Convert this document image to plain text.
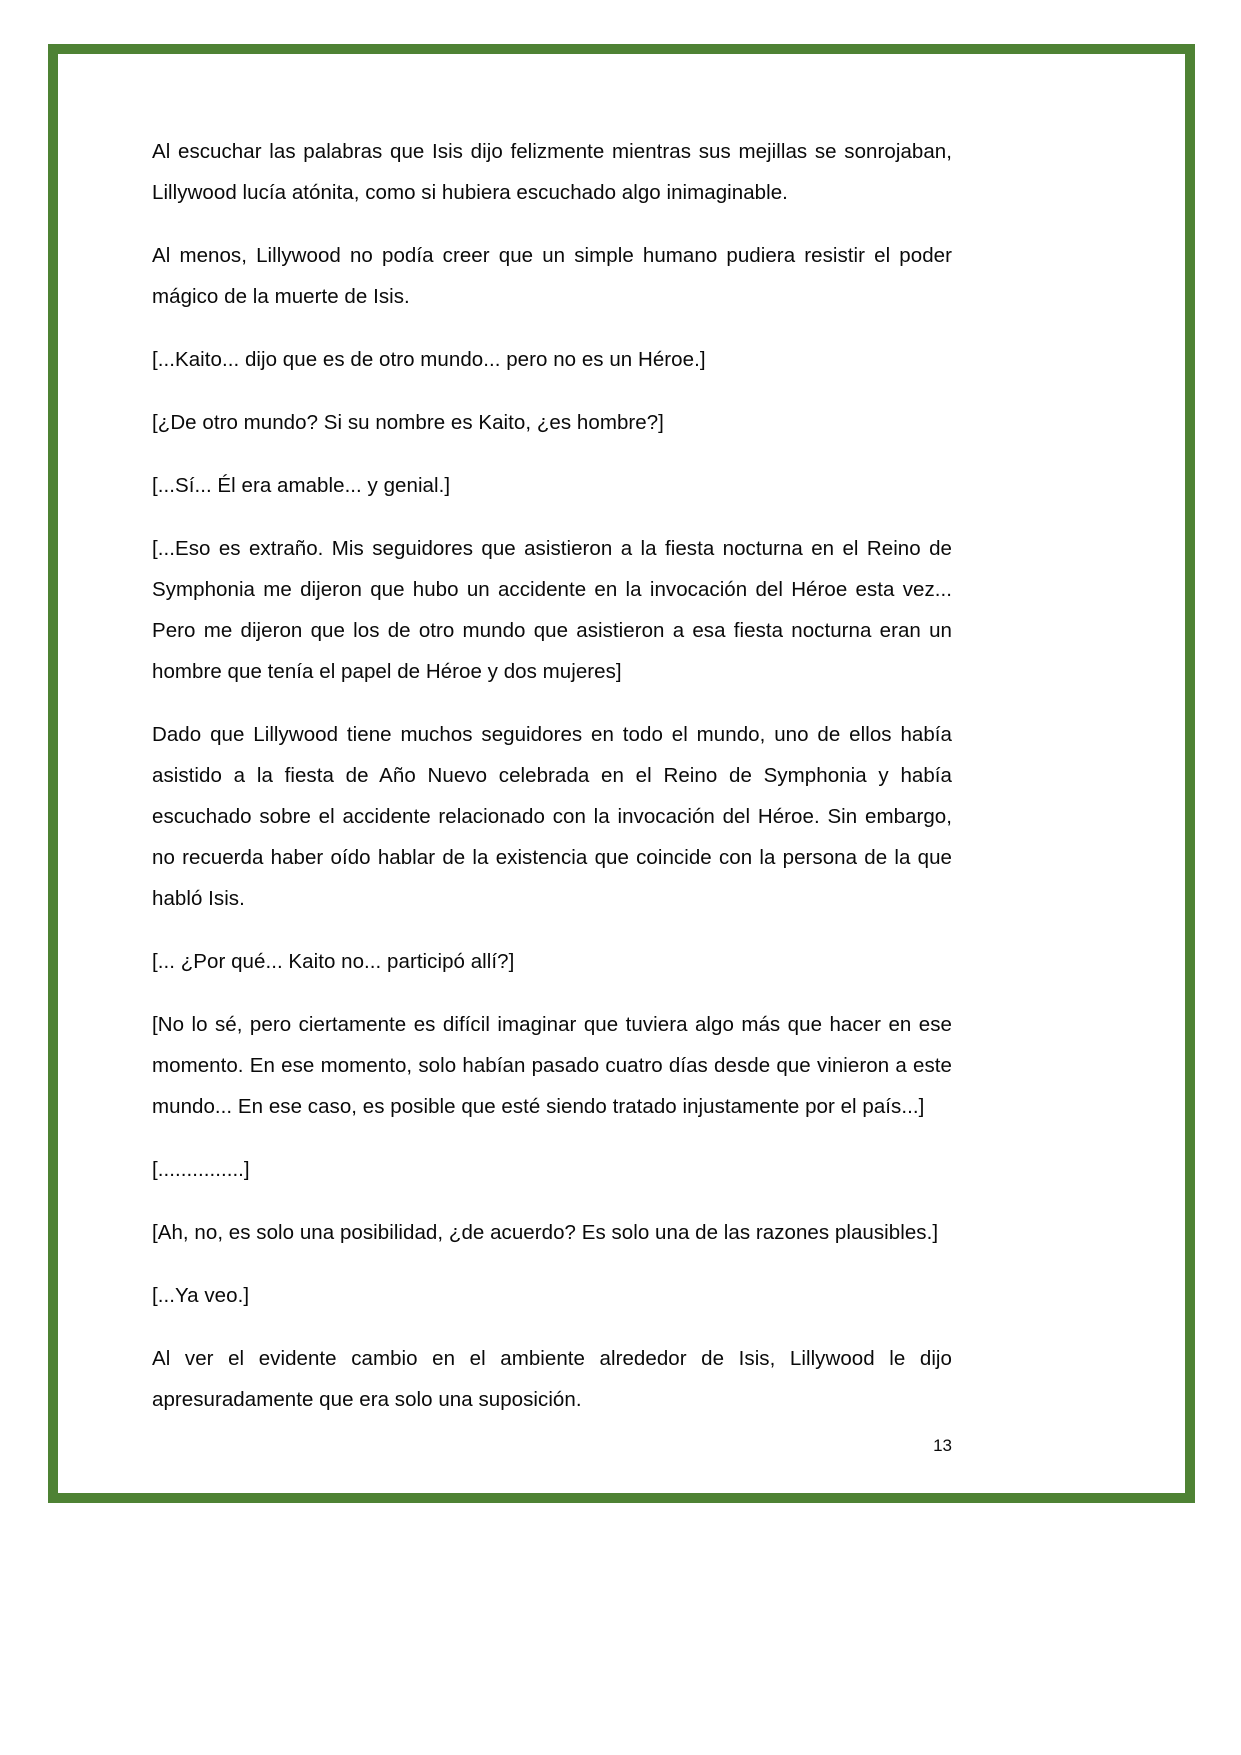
Al escuchar las palabras que Isis dijo felizmente mientras sus mejillas se sonrojaban, Lillywood lucía atónita, como si hubiera escuchado algo inimaginable.

Al menos, Lillywood no podía creer que un simple humano pudiera resistir el poder mágico de la muerte de Isis.

[...Kaito... dijo que es de otro mundo... pero no es un Héroe.]

[¿De otro mundo? Si su nombre es Kaito, ¿es hombre?]

[...Sí... Él era amable... y genial.]

[...Eso es extraño. Mis seguidores que asistieron a la fiesta nocturna en el Reino de Symphonia me dijeron que hubo un accidente en la invocación del Héroe esta vez... Pero me dijeron que los de otro mundo que asistieron a esa fiesta nocturna eran un hombre que tenía el papel de Héroe y dos mujeres]

Dado que Lillywood tiene muchos seguidores en todo el mundo, uno de ellos había asistido a la fiesta de Año Nuevo celebrada en el Reino de Symphonia y había escuchado sobre el accidente relacionado con la invocación del Héroe. Sin embargo, no recuerda haber oído hablar de la existencia que coincide con la persona de la que habló Isis.

[... ¿Por qué... Kaito no... participó allí?]

[No lo sé, pero ciertamente es difícil imaginar que tuviera algo más que hacer en ese momento. En ese momento, solo habían pasado cuatro días desde que vinieron a este mundo... En ese caso, es posible que esté siendo tratado injustamente por el país...]

[...............]

[Ah, no, es solo una posibilidad, ¿de acuerdo? Es solo una de las razones plausibles.]

[...Ya veo.]

Al ver el evidente cambio en el ambiente alrededor de Isis, Lillywood le dijo apresuradamente que era solo una suposición.

13
